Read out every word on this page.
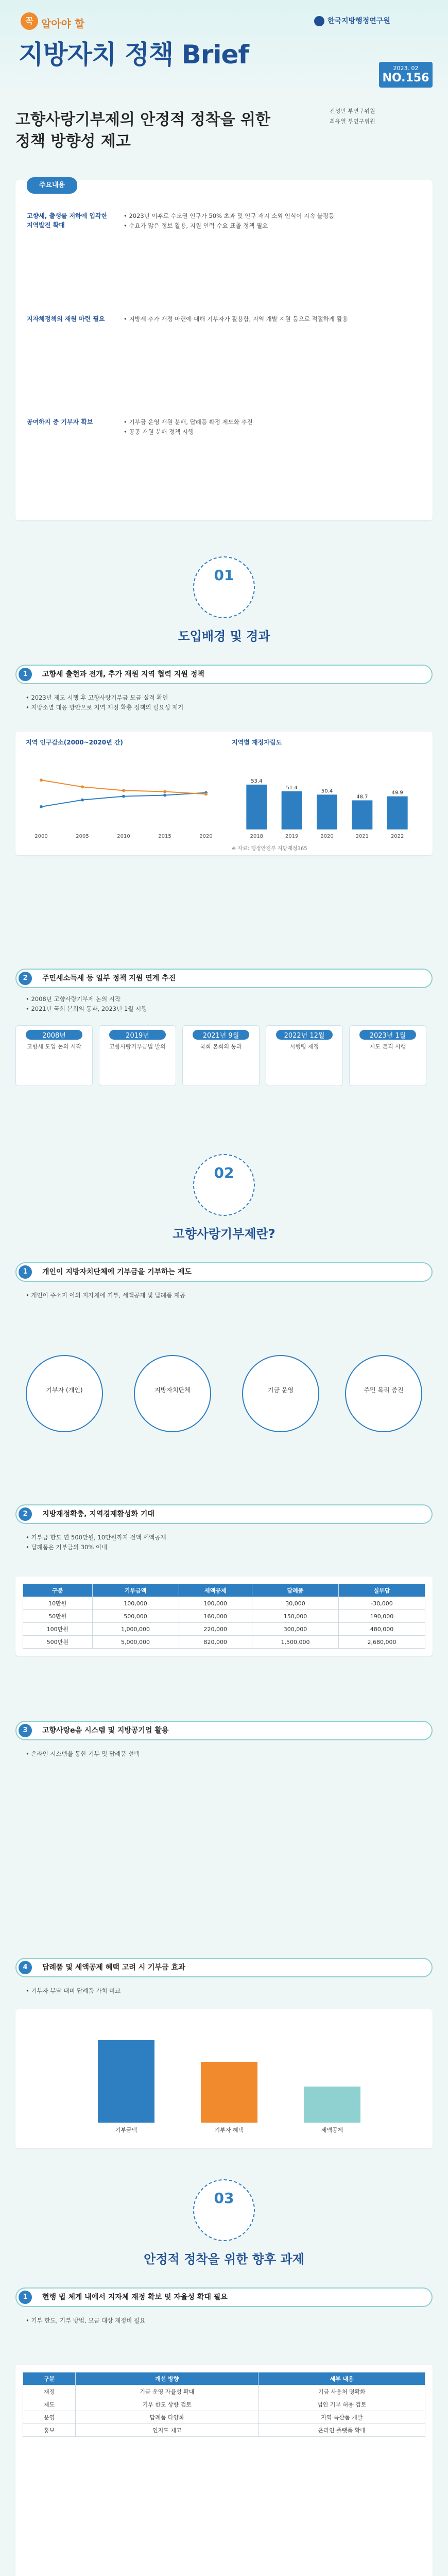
꼭 알아야 할
지방자치 정책 Brief
한국지방행정연구원
2023. 02
NO.156
고향사랑기부제의 안정적 정착을 위한
정책 방향성 제고
전성만 부연구위원
최유열 부연구위원
주요내용
고향세, 출생률 저하에 입각한 지역발전 확대
• 2023년 이후로 수도권 인구가 50% 초과 및 인구 재지 소외 인식이 지속 불평등
• 수요가 많은 정보 활용, 지원 인력 수요 표출 정책 필요
지자체정책의 재원 마련 필요	• 지방세 추가 재정 마련에 대해 기부자가 활용함, 지역 개발 지원 등으로 적절하게 활용
공여하지 중 기부자 확보	• 기부금 운영 재원 분배, 답례품 확정 제도화 추진
• 공공 재원 분배 정책 시행
01
도입배경 및 경과
1	고향세 출현과 전개, 추가 재원 지역 협력 지원 정책
• 2023년 제도 시행 후 고향사랑기부금 모금 실적 확인
• 지방소멸 대응 방안으로 지역 재정 확충 정책의 필요성 제기
지역 인구감소(2000~2020년 간)
2000	2005	2010	2015	2020
지역별 재정자립도
53.4
2018
51.4
2019
50.4
2020
48.7
2021
49.9
2022
※ 자료: 행정안전부 지방재정365
2	주민세소득세 등 일부 정책 지원 연계 추진
• 2008년 고향사랑기부제 논의 시작
• 2021년 국회 본회의 통과, 2023년 1월 시행
2008년
고향세 도입 논의 시작
2019년
고향사랑기부금법 발의
2021년 9월
국회 본회의 통과
2022년 12월
시행령 제정
2023년 1월
제도 본격 시행
02
고향사랑기부제란?
1	개인이 지방자치단체에 기부금을 기부하는 제도
• 개인이 주소지 이외 지자체에 기부, 세액공제 및 답례품 제공
기부자 (개인)	지방자치단체	기금 운영	주민 복리 증진
2	지방재정확충, 지역경제활성화 기대
• 기부금 한도 연 500만원, 10만원까지 전액 세액공제
• 답례품은 기부금의 30% 이내
구분	기부금액	세액공제	답례품	실부담
10만원	100,000	100,000	30,000	-30,000
50만원	500,000	160,000	150,000	190,000
100만원	1,000,000	220,000	300,000	480,000
500만원	5,000,000	820,000	1,500,000	2,680,000
3	고향사랑e음 시스템 및 지방공기업 활용
• 온라인 시스템을 통한 기부 및 답례품 선택
4	답례품 및 세액공제 혜택 고려 시 기부금 효과
• 기부자 부담 대비 답례품 가치 비교
기부금액	기부자 혜택	세액공제
03
안정적 정착을 위한 향후 과제
1	현행 법 체계 내에서 지자체 재정 확보 및 자율성 확대 필요
• 기부 한도, 기부 방법, 모금 대상 재정비 필요
구분	개선 방향	세부 내용
재정	기금 운영 자율성 확대	기금 사용처 명확화
제도	기부 한도 상향 검토	법인 기부 허용 검토
운영	답례품 다양화	지역 특산품 개발
홍보	인지도 제고	온라인 플랫폼 확대
